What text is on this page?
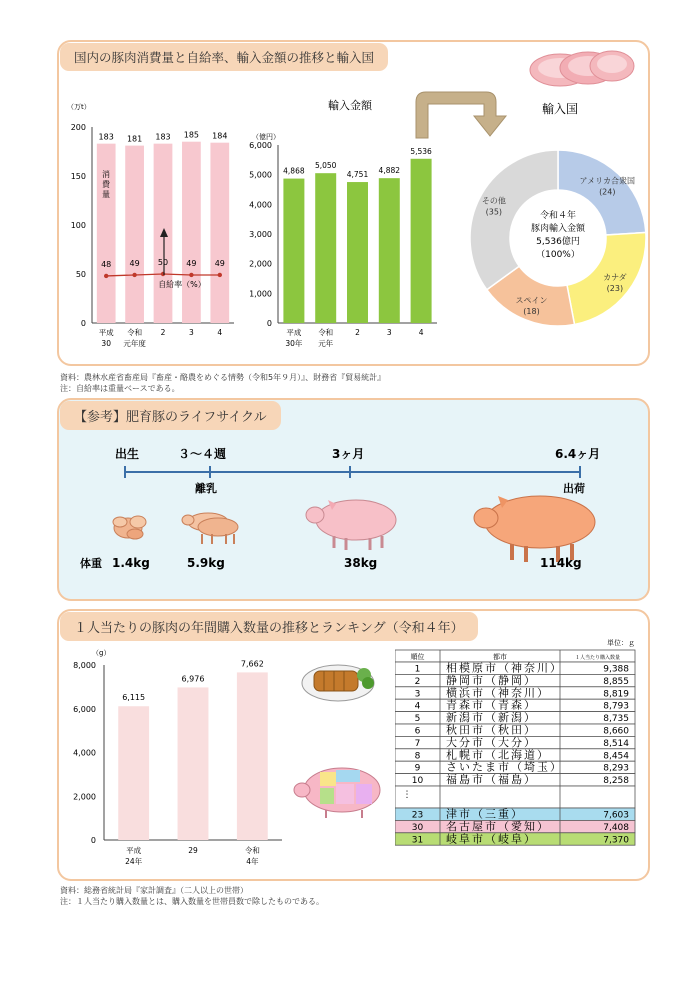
国内の豚肉消費量と自給率、輸入金額の推移と輸入国
（万t）
0
50
100
150
200
183
48
181
49
183
50
185
49
184
49
平成 30
令和元年度
2	3	4
消
費
量
自給率（%）
輸入金額
（億円）
0
1,000
2,000
3,000
4,000
5,000
6,000
4,868
平成 30年
5,050
令和元年
4,751
2
4,882
3
5,536
4
輸入国
アメリカ合衆国
(24)
カナダ
(23)
スペイン
(18)
その他
(35)	令和４年
豚肉輸入金額
5,536億円
（100%）
資料：農林水産省畜産局『畜産・酪農をめぐる情勢（令和5年９月）』、財務省『貿易統計』
注：自給率は重量ベースである。
【参考】肥育豚のライフサイクル
出生	３～４週	3ヶ月	6.4ヶ月
離乳	出荷
体重 1.4kg	5.9kg	38kg	114kg
１人当たりの豚肉の年間購入数量の推移とランキング（令和４年）
（g）
0
2,000
4,000
6,000
8,000
6,115
平成 24年
6,976
29
7,662
令和 4年
単位：ｇ
順位	都市	１人当たり購入数量
1 相模原市（神奈川）	9,388
2 静岡市（静岡）	8,855
3 横浜市（神奈川）	8,819
4 青森市（青森）	8,793
5 新潟市（新潟）	8,735
6 秋田市（秋田）	8,660
7 大分市（大分）	8,514
8 札幌市（北海道）	8,454
9 さいたま市（埼玉）	8,293
10 福島市（福島）	8,258
⋮
23 津市（三重）	7,603
30 名古屋市（愛知）	7,408
31 岐阜市（岐阜）	7,370
資料：総務省統計局『家計調査』（二人以上の世帯）
注：１人当たり購入数量とは、購入数量を世帯員数で除したものである。
